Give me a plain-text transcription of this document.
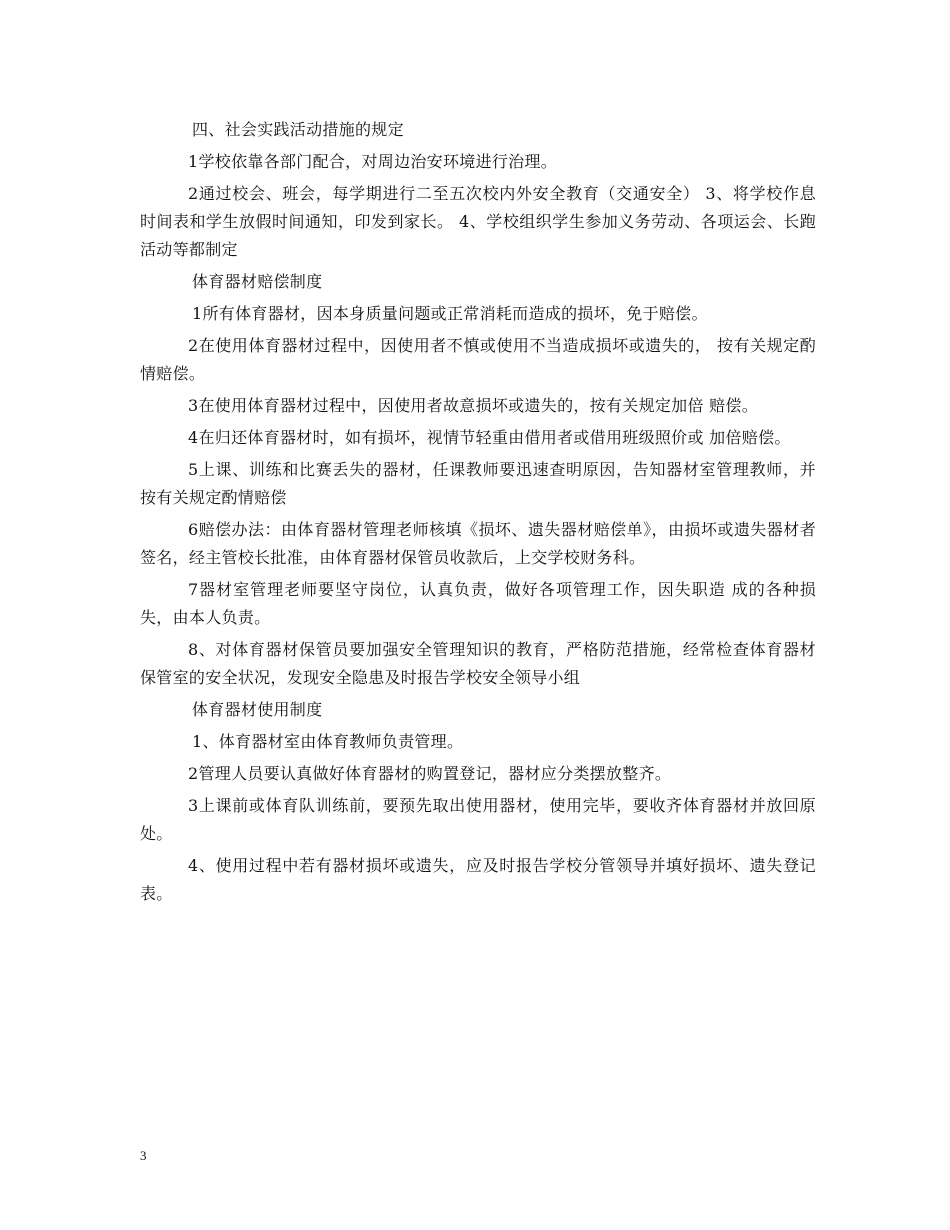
四、社会实践活动措施的规定

1学校依靠各部门配合，对周边治安环境进行治理。

2通过校会、班会，每学期进行二至五次校内外安全教育（交通安全） 3、将学校作息时间表和学生放假时间通知，印发到家长。 4、学校组织学生参加义务劳动、各项运会、长跑活动等都制定

体育器材赔偿制度

1所有体育器材，因本身质量问题或正常消耗而造成的损坏，免于赔偿。

2在使用体育器材过程中，因使用者不慎或使用不当造成损坏或遗失的， 按有关规定酌情赔偿。

3在使用体育器材过程中，因使用者故意损坏或遗失的，按有关规定加倍 赔偿。

4在归还体育器材时，如有损坏，视情节轻重由借用者或借用班级照价或 加倍赔偿。

5上课、训练和比赛丢失的器材，任课教师要迅速查明原因，告知器材室管理教师，并按有关规定酌情赔偿

6赔偿办法：由体育器材管理老师核填《损坏、遗失器材赔偿单》，由损坏或遗失器材者签名，经主管校长批准，由体育器材保管员收款后，上交学校财务科。

7器材室管理老师要坚守岗位，认真负责，做好各项管理工作，因失职造 成的各种损失，由本人负责。

8、对体育器材保管员要加强安全管理知识的教育，严格防范措施，经常检查体育器材保管室的安全状况，发现安全隐患及时报告学校安全领导小组

体育器材使用制度

1、体育器材室由体育教师负责管理。

2管理人员要认真做好体育器材的购置登记，器材应分类摆放整齐。

3上课前或体育队训练前，要预先取出使用器材，使用完毕，要收齐体育器材并放回原处。

4、使用过程中若有器材损坏或遗失，应及时报告学校分管领导并填好损坏、遗失登记表。

3
